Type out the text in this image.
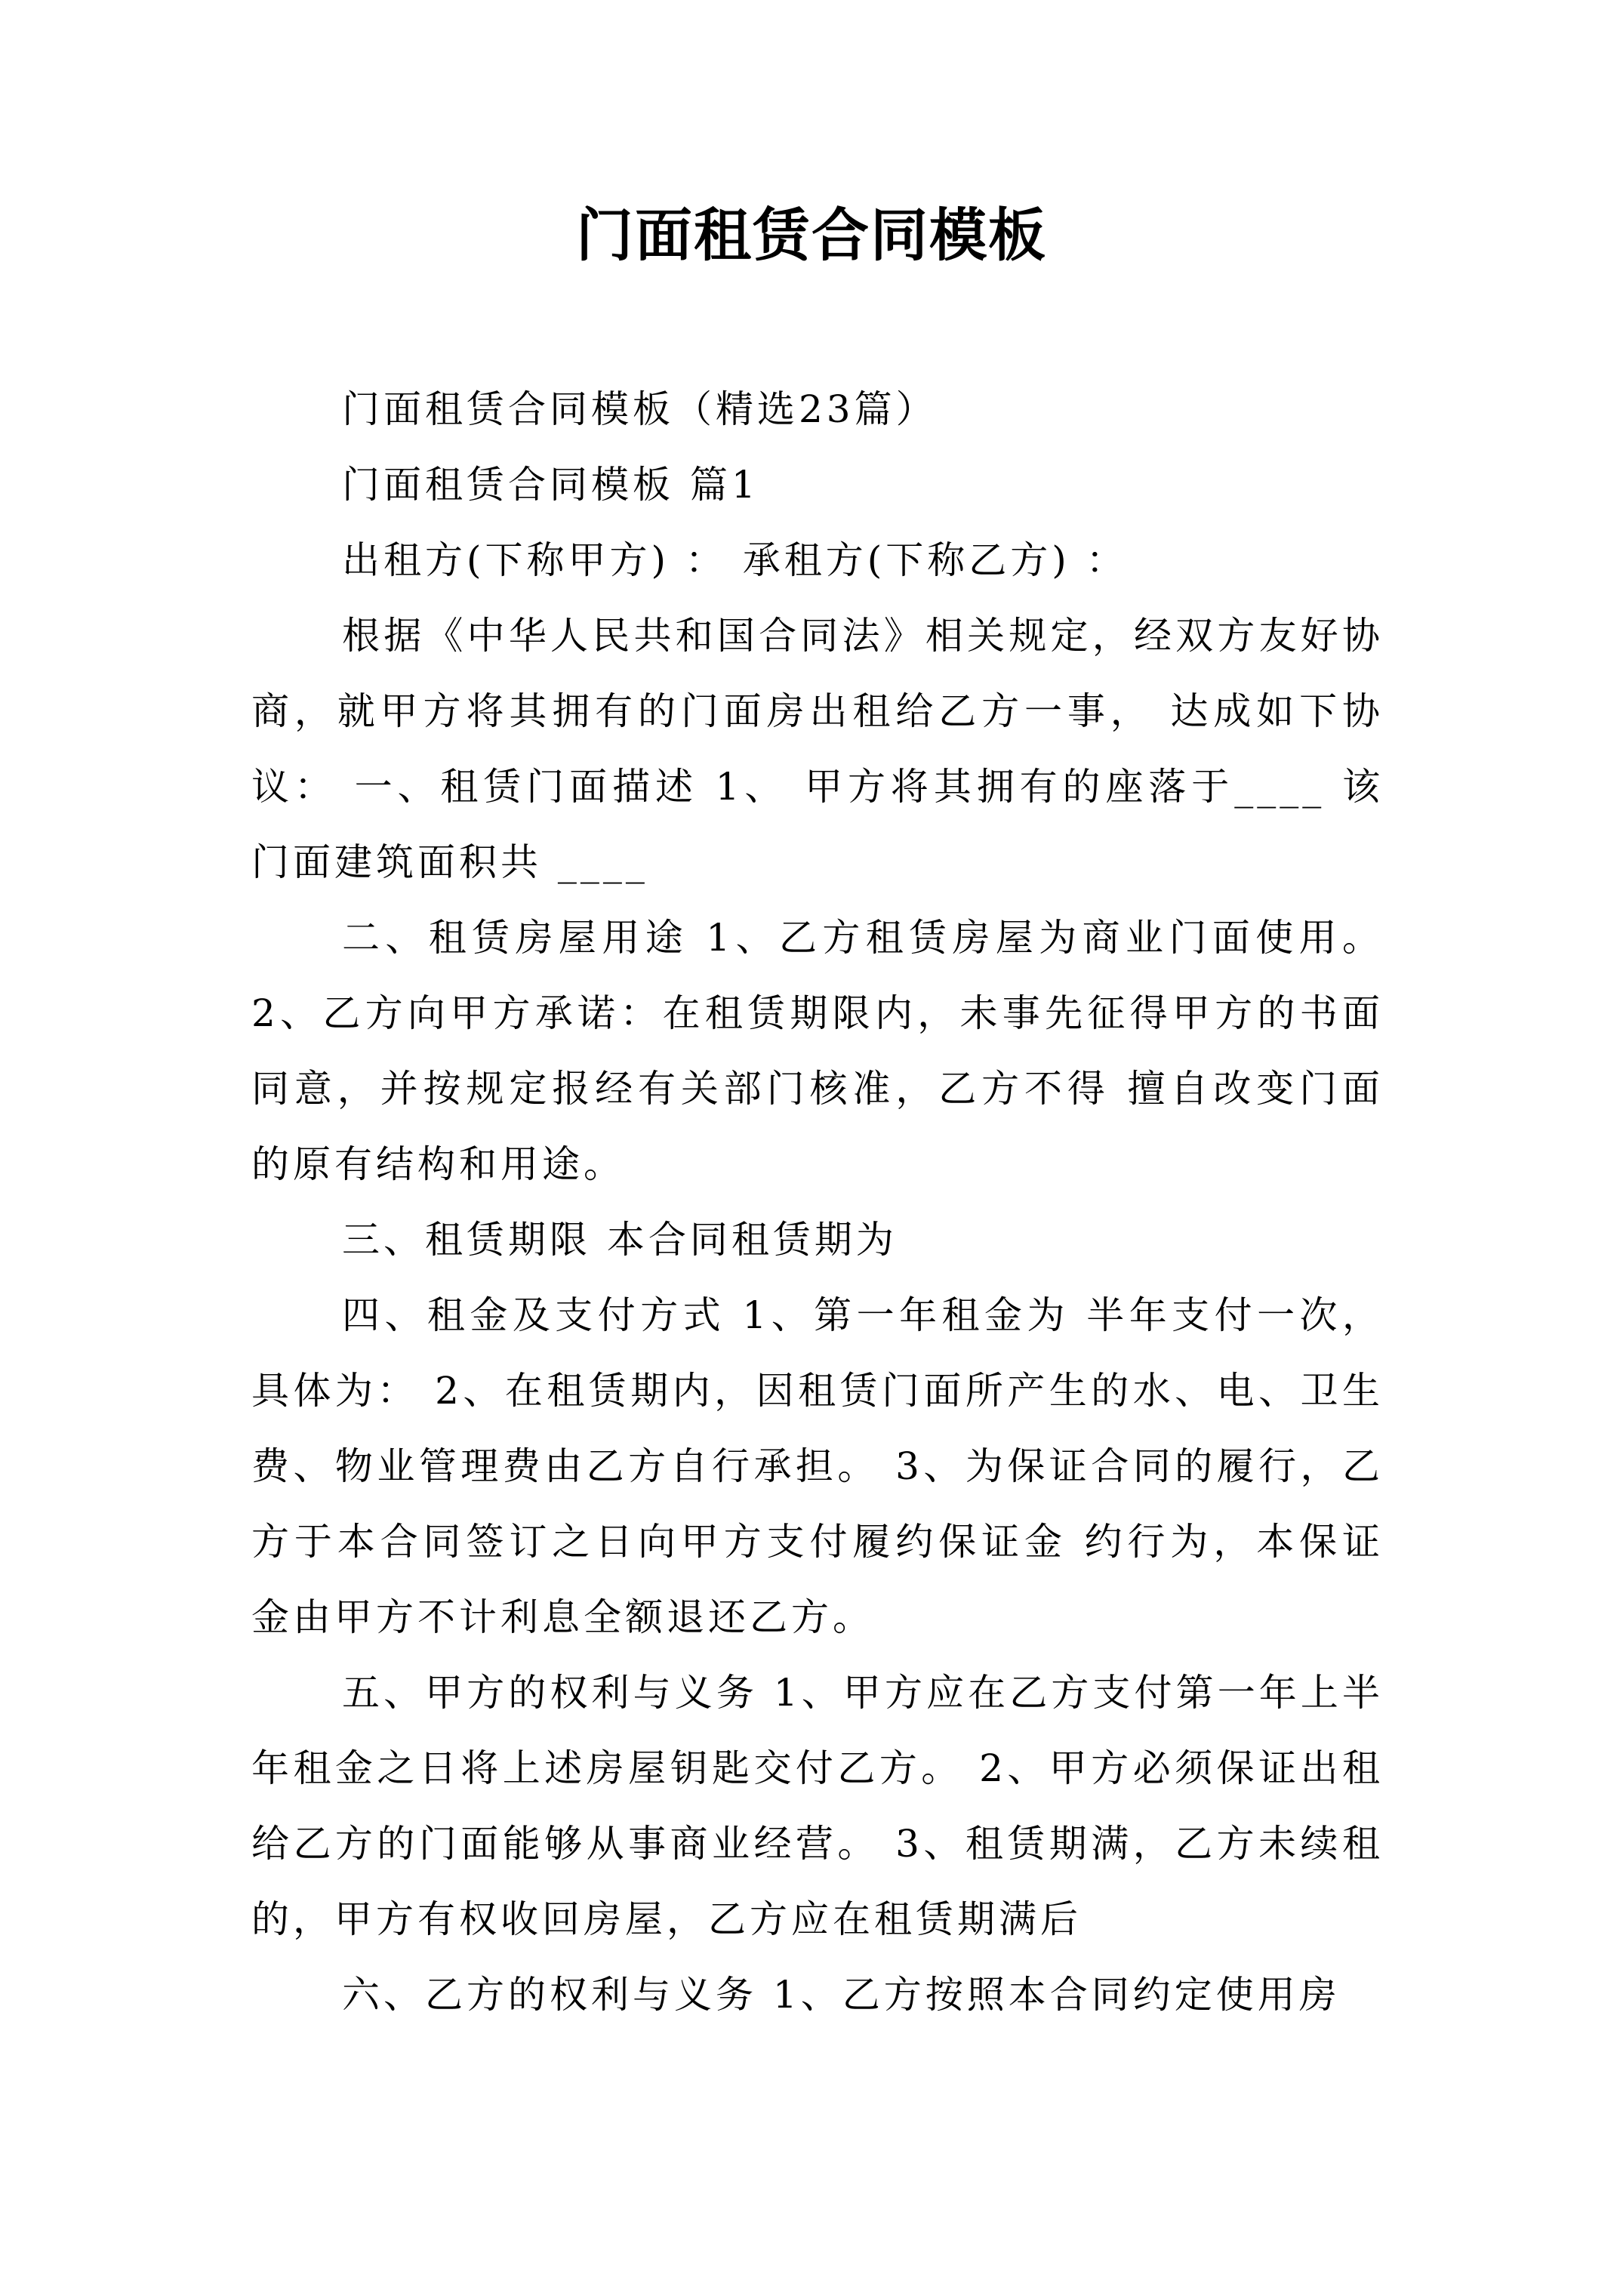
门面租赁合同模板

门面租赁合同模板（精选23篇）

门面租赁合同模板 篇1

出租方(下称甲方) ： 承租方(下称乙方) ：

根据《中华人民共和国合同法》相关规定，经双方友好协商，就甲方将其拥有的门面房出租给乙方一事， 达成如下协议： 一、租赁门面描述 1、 甲方将其拥有的座落于____ 该门面建筑面积共 ____

二、租赁房屋用途 1、乙方租赁房屋为商业门面使用。2、乙方向甲方承诺：在租赁期限内，未事先征得甲方的书面同意，并按规定报经有关部门核准，乙方不得 擅自改变门面的原有结构和用途。

三、租赁期限 本合同租赁期为

四、租金及支付方式 1、第一年租金为 半年支付一次，具体为： 2、在租赁期内，因租赁门面所产生的水、电、卫生费、物业管理费由乙方自行承担。 3、为保证合同的履行，乙方于本合同签订之日向甲方支付履约保证金 约行为，本保证金由甲方不计利息全额退还乙方。

五、甲方的权利与义务 1、甲方应在乙方支付第一年上半年租金之日将上述房屋钥匙交付乙方。 2、甲方必须保证出租给乙方的门面能够从事商业经营。 3、租赁期满，乙方未续租的，甲方有权收回房屋，乙方应在租赁期满后

六、乙方的权利与义务 1、乙方按照本合同约定使用房
